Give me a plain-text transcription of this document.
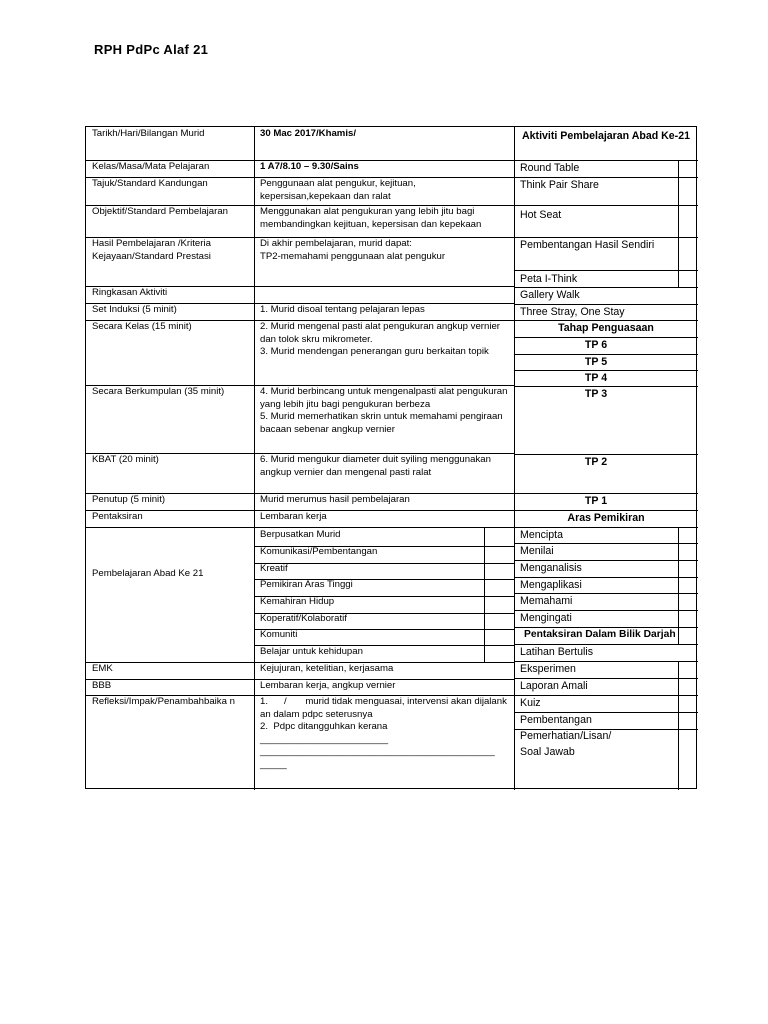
RPH PdPc Alaf 21
Tarikh/Hari/Bilangan Murid
Kelas/Masa/Mata Pelajaran
Tajuk/Standard Kandungan
Objektif/Standard Pembelajaran
Hasil Pembelajaran /Kriteria Kejayaan/Standard Prestasi
Ringkasan Aktiviti
Set Induksi (5 minit)
Secara Kelas (15 minit)
Secara Berkumpulan (35 minit)
KBAT (20 minit)
Penutup (5 minit)
Pentaksiran
Pembelajaran Abad Ke 21
EMK
BBB
Refleksi/Impak/Penambahbaika n
30 Mac 2017/Khamis/
1 A7/8.10 – 9.30/Sains
Penggunaan alat pengukur, kejituan, kepersisan,kepekaan dan ralat
Menggunakan alat pengukuran yang lebih jitu bagi membandingkan kejituan, kepersisan dan kepekaan
Di akhir pembelajaran, murid dapat:
TP2-memahami penggunaan alat pengukur
1. Murid disoal tentang pelajaran lepas
2. Murid mengenal pasti alat pengukuran angkup vernier dan tolok skru mikrometer.
3. Murid mendengan penerangan guru berkaitan topik
4. Murid berbincang untuk mengenalpasti alat pengukuran yang lebih jitu bagi pengukuran berbeza
5. Murid memerhatikan skrin untuk memahami pengiraan bacaan sebenar angkup vernier
6. Murid mengukur diameter duit syiling menggunakan angkup vernier dan mengenal pasti ralat
Murid merumus hasil pembelajaran
Lembaran kerja
Berpusatkan Murid
Komunikasi/Pembentangan
Kreatif
Pemikiran Aras Tinggi
Kemahiran Hidup
Koperatif/Kolaboratif
Komuniti
Belajar untuk kehidupan
Kejujuran, ketelitian, kerjasama
Lembaran kerja, angkup vernier
1.      /       murid tidak menguasai, intervensi akan dijalankan dalam pdpc seterusnya
2.  Pdpc ditangguhkan kerana
________________________
____________________________________________
_____
Aktiviti Pembelajaran Abad Ke-21
Round Table
Think Pair Share
Hot Seat
Pembentangan Hasil Sendiri
Peta I-Think
Gallery Walk
Three Stray, One Stay
Tahap Penguasaan
TP 6
TP 5
TP 4
TP 3
TP 2
TP 1
Aras Pemikiran
Mencipta
Menilai
Menganalisis
Mengaplikasi
Memahami
Mengingati
Pentaksiran Dalam Bilik Darjah
Latihan Bertulis
Eksperimen
Laporan Amali
Kuiz
Pembentangan
Pemerhatian/Lisan/
Soal Jawab
